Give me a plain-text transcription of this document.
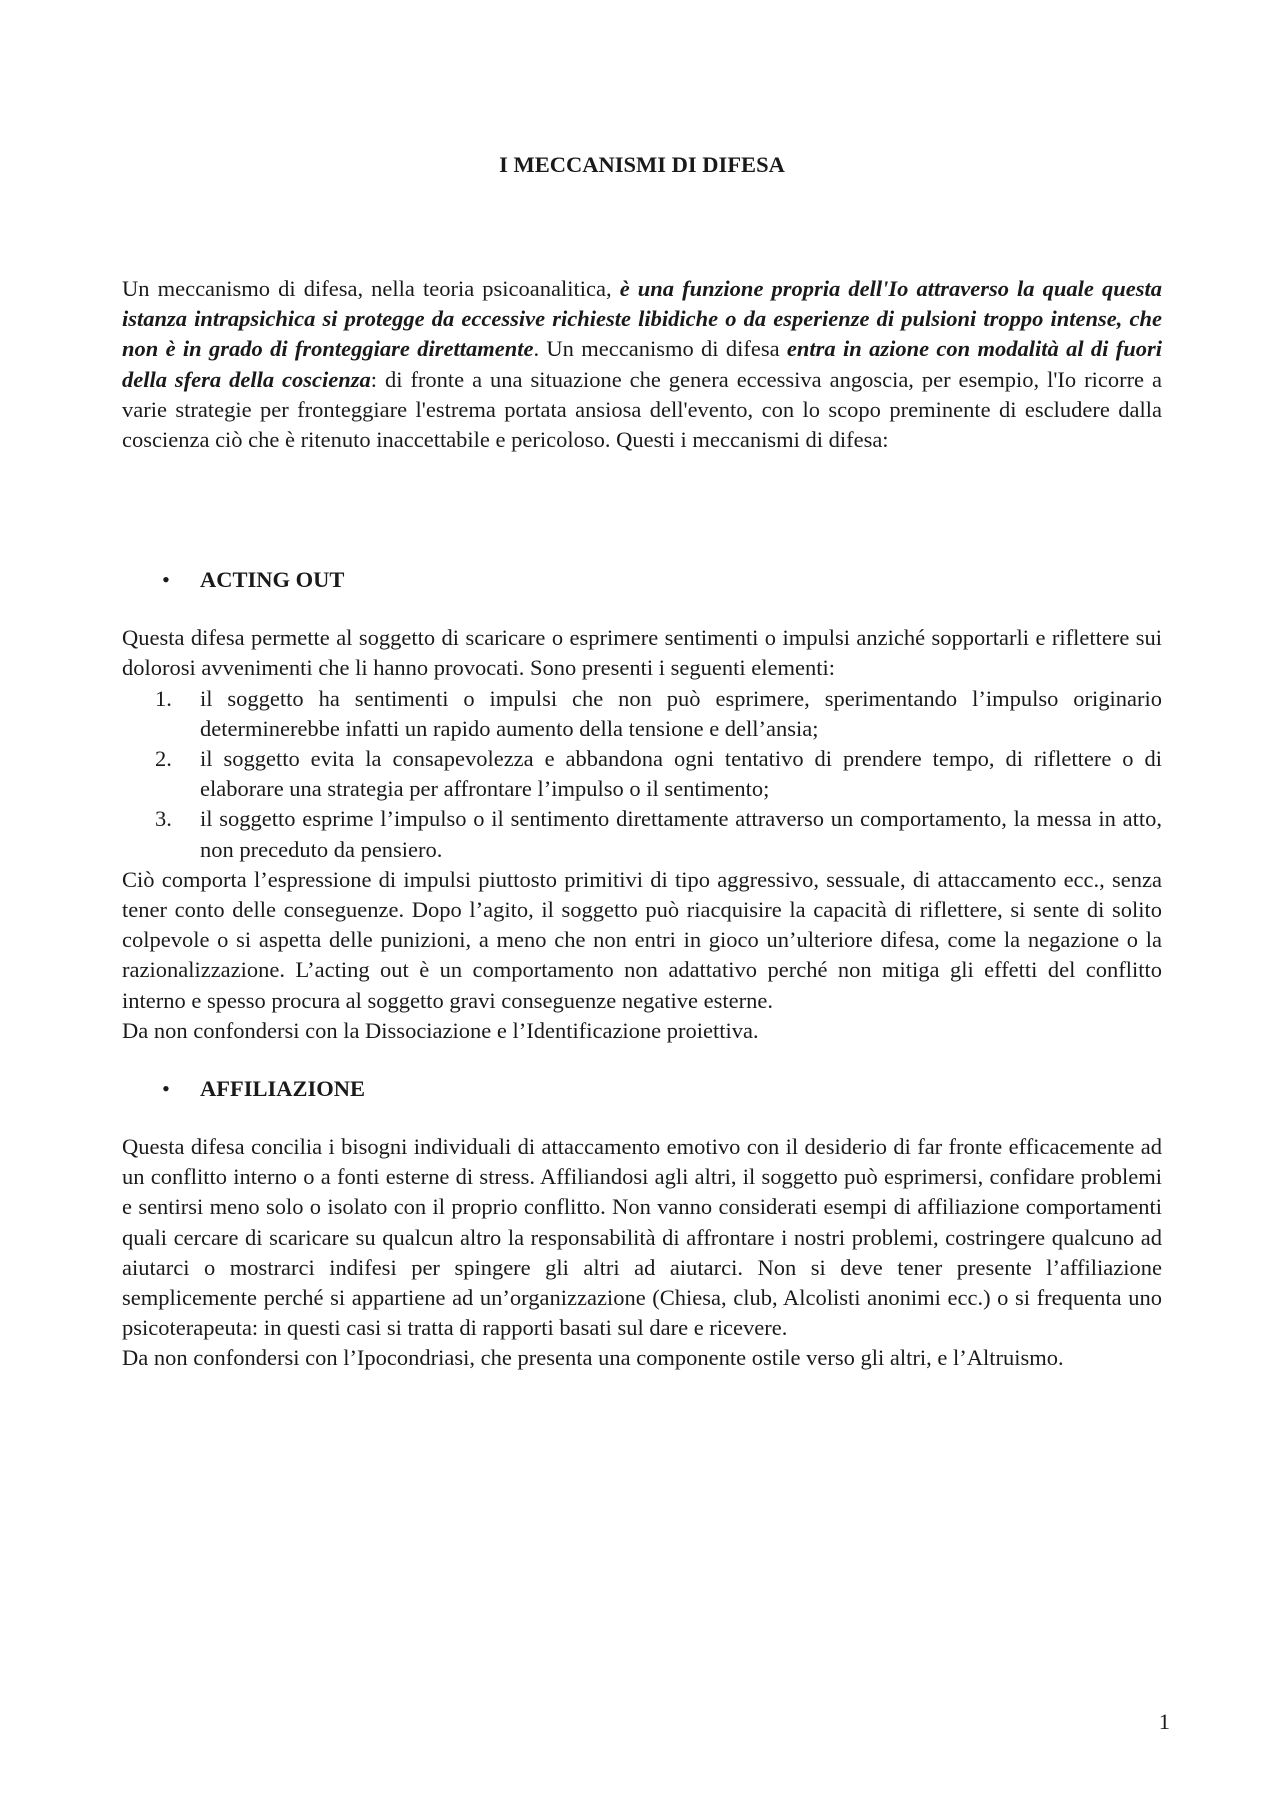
I MECCANISMI DI DIFESA

Un meccanismo di difesa, nella teoria psicoanalitica, è una funzione propria dell'Io attraverso la quale questa istanza intrapsichica si protegge da eccessive richieste libidiche o da esperienze di pulsioni troppo intense, che non è in grado di fronteggiare direttamente. Un meccanismo di difesa entra in azione con modalità al di fuori della sfera della coscienza: di fronte a una situazione che genera eccessiva angoscia, per esempio, l'Io ricorre a varie strategie per fronteggiare l'estrema portata ansiosa dell'evento, con lo scopo preminente di escludere dalla coscienza ciò che è ritenuto inaccettabile e pericoloso. Questi i meccanismi di difesa:

• ACTING OUT

Questa difesa permette al soggetto di scaricare o esprimere sentimenti o impulsi anziché sopportarli e riflettere sui dolorosi avvenimenti che li hanno provocati. Sono presenti i seguenti elementi:

1. il soggetto ha sentimenti o impulsi che non può esprimere, sperimentando l’impulso originario determinerebbe infatti un rapido aumento della tensione e dell’ansia;
2. il soggetto evita la consapevolezza e abbandona ogni tentativo di prendere tempo, di riflettere o di elaborare una strategia per affrontare l’impulso o il sentimento;
3. il soggetto esprime l’impulso o il sentimento direttamente attraverso un comportamento, la messa in atto, non preceduto da pensiero.

Ciò comporta l’espressione di impulsi piuttosto primitivi di tipo aggressivo, sessuale, di attaccamento ecc., senza tener conto delle conseguenze. Dopo l’agito, il soggetto può riacquisire la capacità di riflettere, si sente di solito colpevole o si aspetta delle punizioni, a meno che non entri in gioco un’ulteriore difesa, come la negazione o la razionalizzazione. L’acting out è un comportamento non adattativo perché non mitiga gli effetti del conflitto interno e spesso procura al soggetto gravi conseguenze negative esterne.

Da non confondersi con la Dissociazione e l’Identificazione proiettiva.

• AFFILIAZIONE

Questa difesa concilia i bisogni individuali di attaccamento emotivo con il desiderio di far fronte efficacemente ad un conflitto interno o a fonti esterne di stress. Affiliandosi agli altri, il soggetto può esprimersi, confidare problemi e sentirsi meno solo o isolato con il proprio conflitto. Non vanno considerati esempi di affiliazione comportamenti quali cercare di scaricare su qualcun altro la responsabilità di affrontare i nostri problemi, costringere qualcuno ad aiutarci o mostrarci indifesi per spingere gli altri ad aiutarci. Non si deve tener presente l’affiliazione semplicemente perché si appartiene ad un’organizzazione (Chiesa, club, Alcolisti anonimi ecc.) o si frequenta uno psicoterapeuta: in questi casi si tratta di rapporti basati sul dare e ricevere.

Da non confondersi con l’Ipocondriasi, che presenta una componente ostile verso gli altri, e l’Altruismo.

1
